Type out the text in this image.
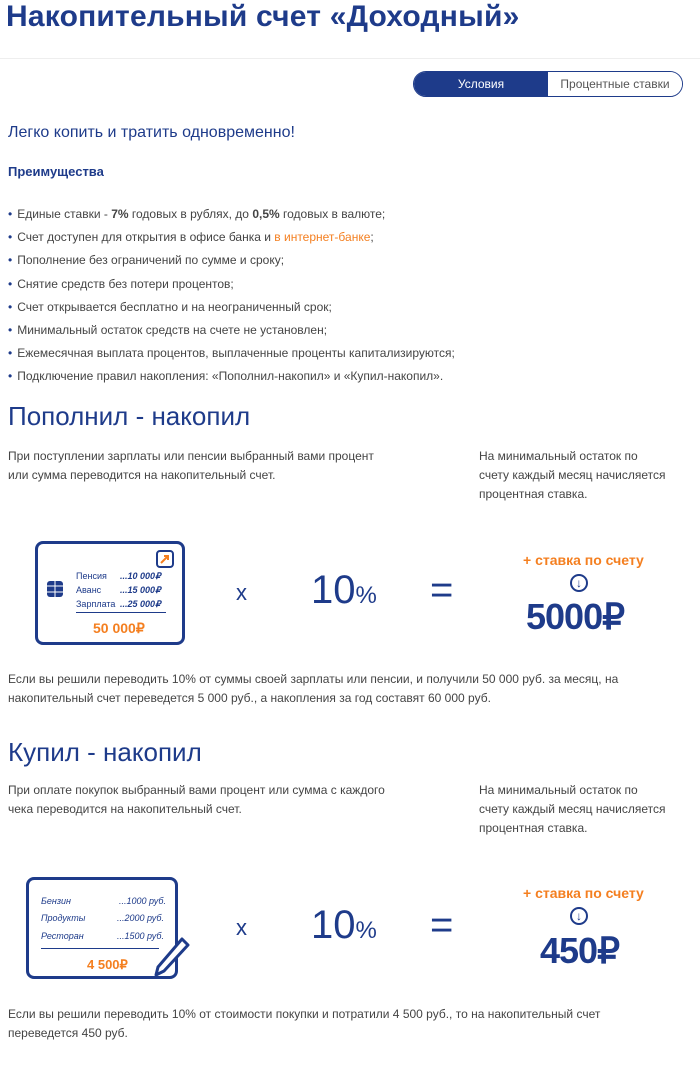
Накопительный счет «Доходный»
Условия	Процентные ставки
Легко копить и тратить одновременно!
Преимущества
• Единые ставки - 7% годовых в рублях, до 0,5% годовых в валюте;
• Счет доступен для открытия в офисе банка и в интернет-банке;
• Пополнение без ограничений по сумме и сроку;
• Снятие средств без потери процентов;
• Счет открывается бесплатно и на неограниченный срок;
• Минимальный остаток средств на счете не установлен;
• Ежемесячная выплата процентов, выплаченные проценты капитализируются;
• Подключение правил накопления: «Пополнил-накопил» и «Купил-накопил».
Пополнил - накопил
При поступлении зарплаты или пенсии выбранный вами процент или сумма переводится на накопительный счет.
На минимальный остаток по счету каждый месяц начисляется процентная ставка.
Пенсия ...10 000₽
Аванс ...15 000₽
Зарплата ...25 000₽
50 000₽
x 10% =
+ ставка по счету
↓
5000₽
Если вы решили переводить 10% от суммы своей зарплаты или пенсии, и получили 50 000 руб. за месяц, на накопительный счет переведется 5 000 руб., а накопления за год составят 60 000 руб.
Купил - накопил
При оплате покупок выбранный вами процент или сумма с каждого чека переводится на накопительный счет.
На минимальный остаток по счету каждый месяц начисляется процентная ставка.
Бензин	...1000 руб.
Продукты	...2000 руб.
Ресторан	...1500 руб.
4 500₽
x 10% =
+ ставка по счету
↓
450₽
Если вы решили переводить 10% от стоимости покупки и потратили 4 500 руб., то на накопительный счет переведется 450 руб.
